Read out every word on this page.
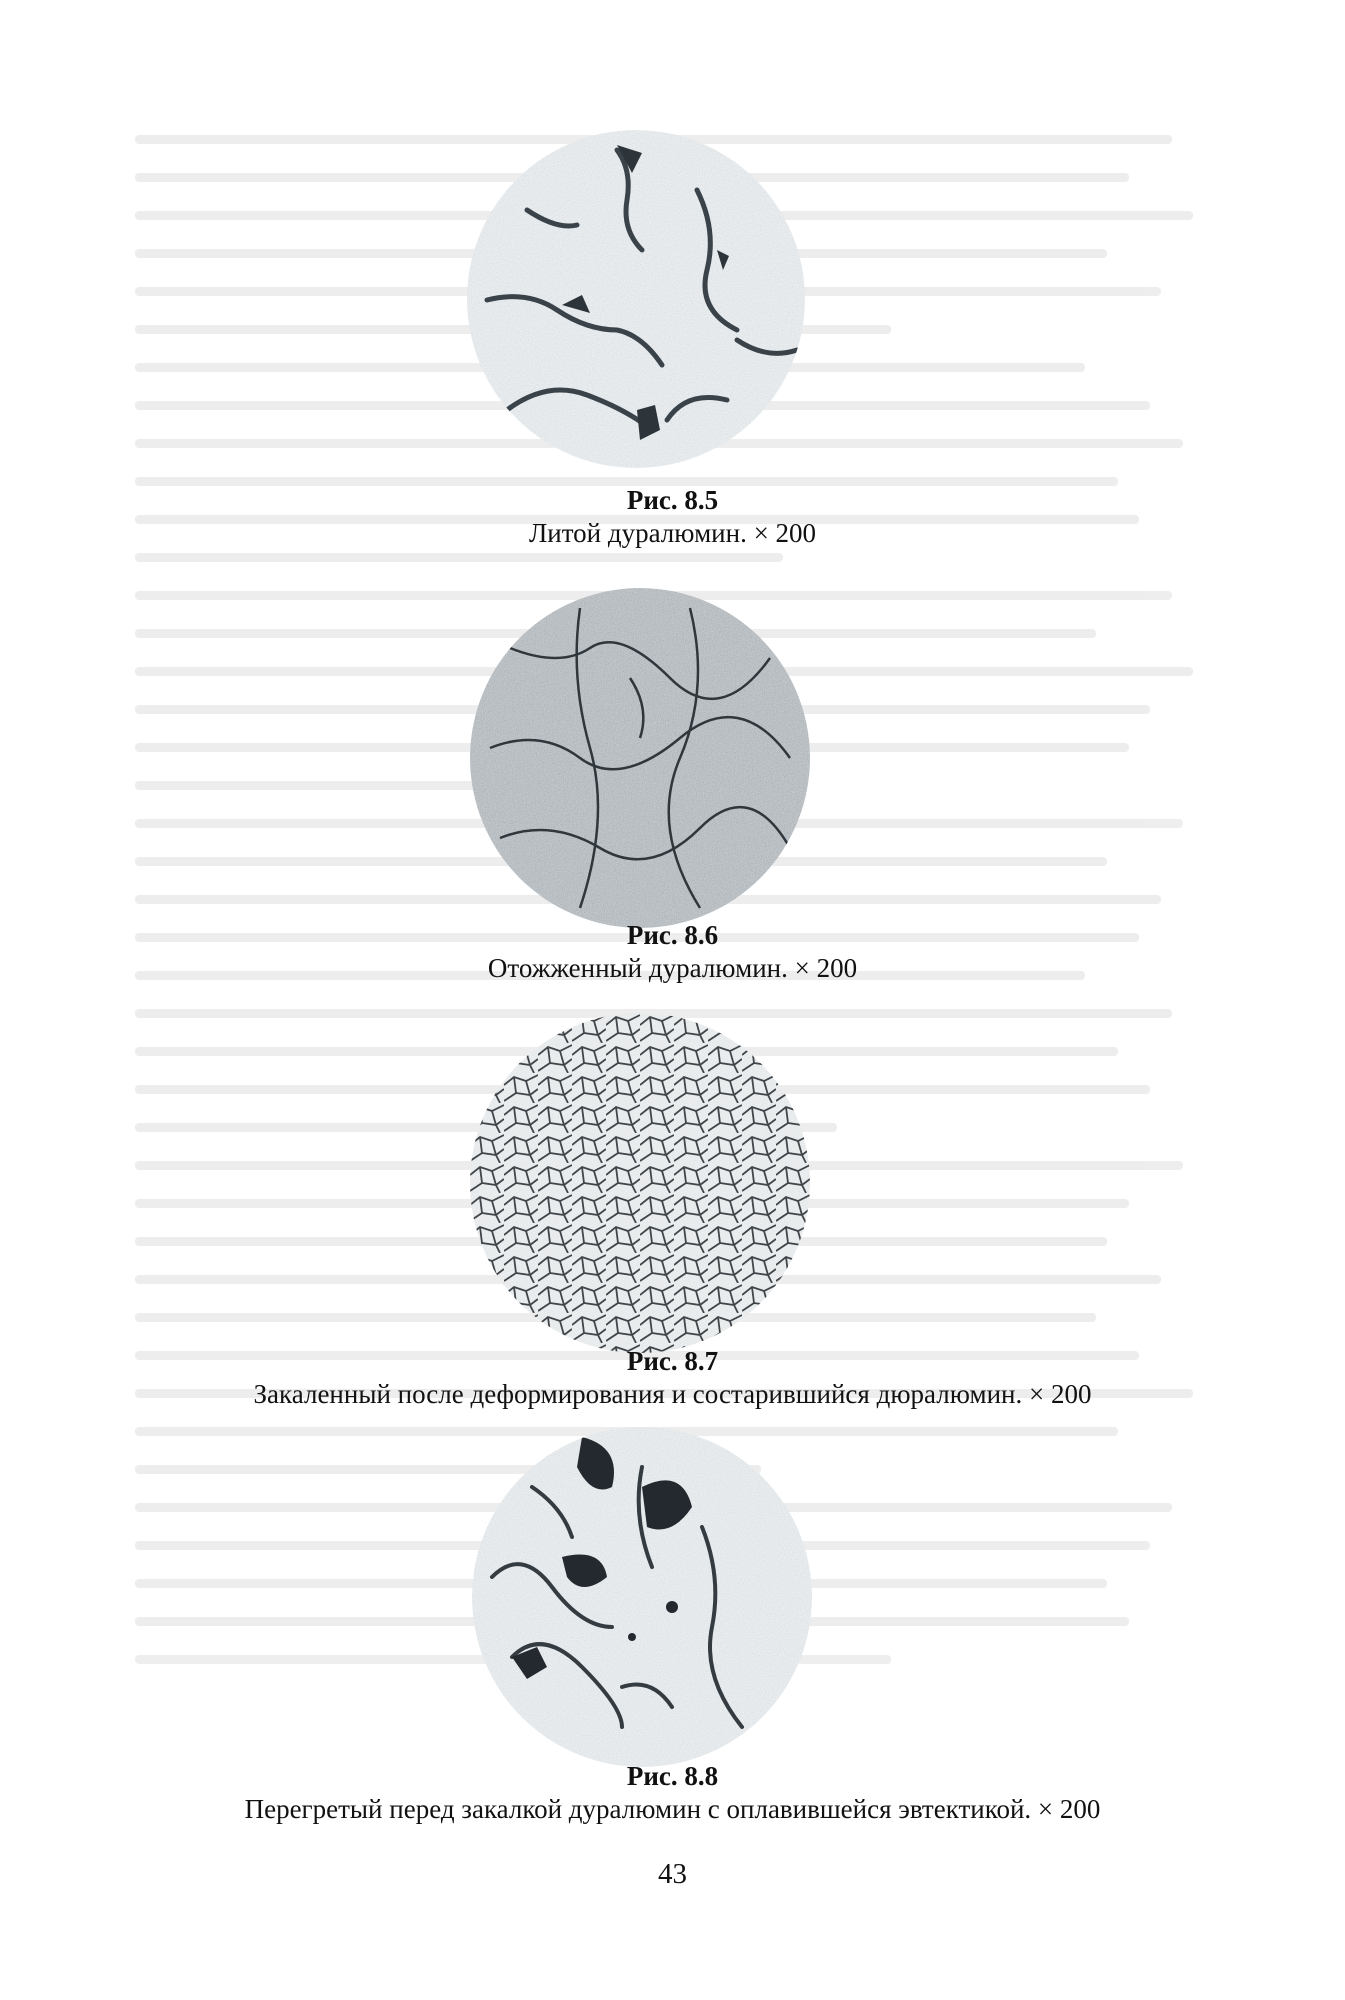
Рис. 8.5
Литой дуралюмин. × 200
Рис. 8.6
Отожженный дуралюмин. × 200
Рис. 8.7
Закаленный после деформирования и состарившийся дюралюмин. × 200
Рис. 8.8
Перегретый перед закалкой дуралюмин с оплавившейся эвтектикой. × 200
43
